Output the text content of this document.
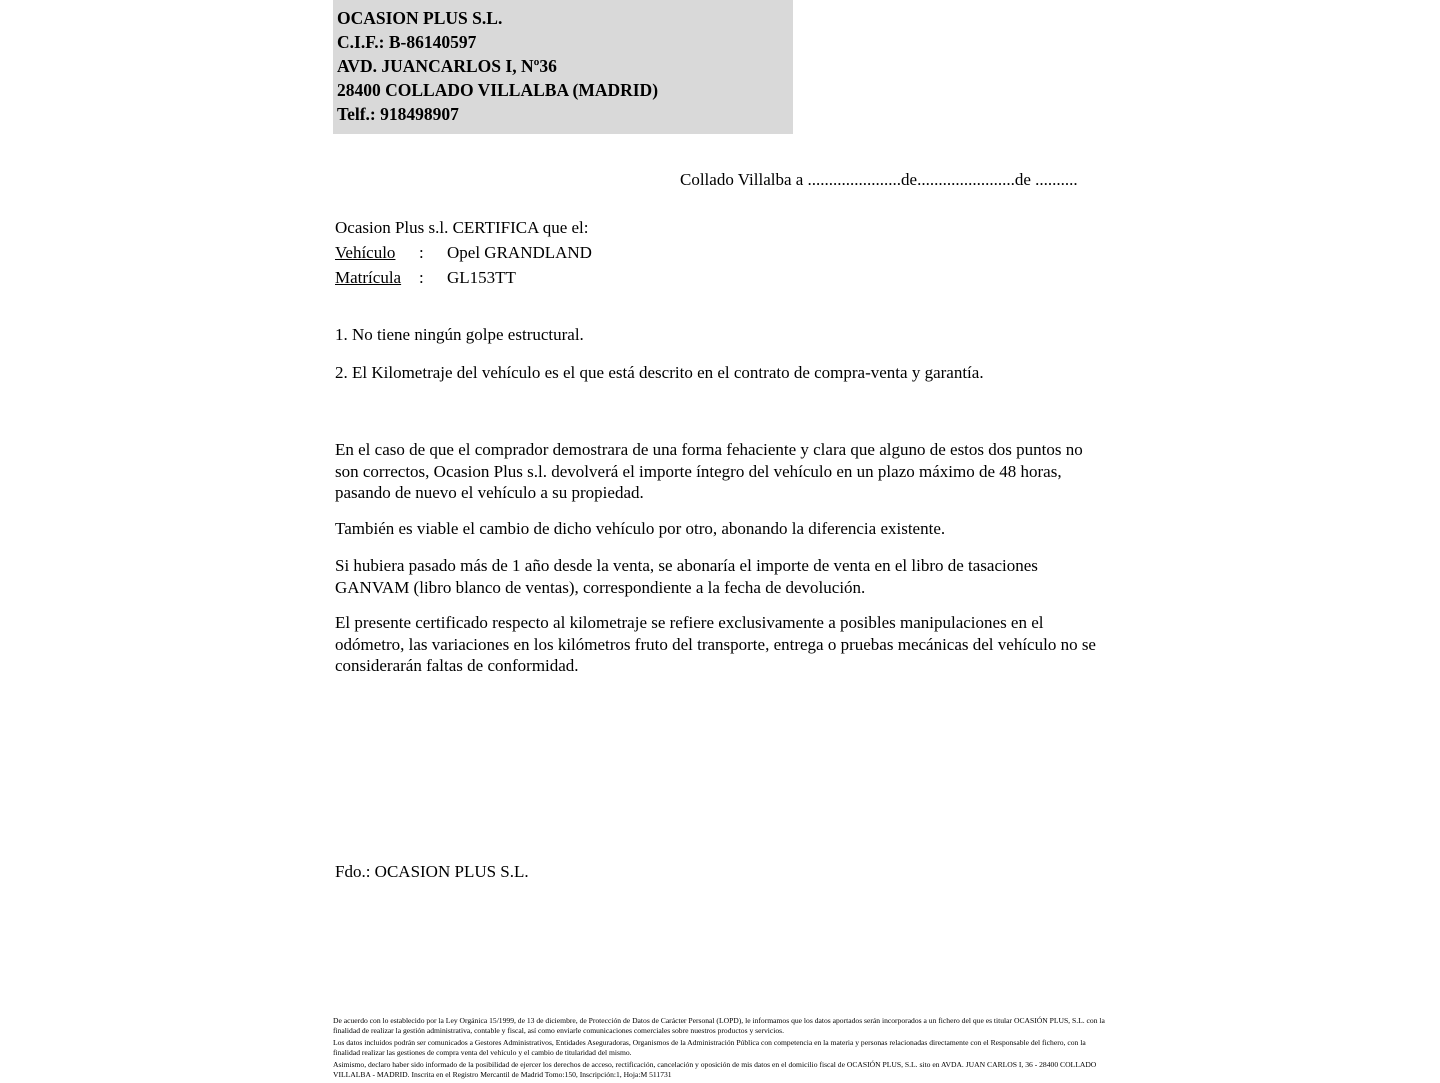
OCASION PLUS S.L.
C.I.F.: B-86140597
AVD. JUANCARLOS I, Nº36
28400 COLLADO VILLALBA (MADRID)
Telf.: 918498907
Collado Villalba a ......................de.......................de ..........
Ocasion Plus s.l. CERTIFICA que el:
Vehículo	:	Opel GRANDLAND
Matrícula	:	GL153TT
1. No tiene ningún golpe estructural.
2. El Kilometraje del vehículo es el que está descrito en el contrato de compra-venta y garantía.
En el caso de que el comprador demostrara de una forma fehaciente y clara que alguno de estos dos puntos no son correctos, Ocasion Plus s.l. devolverá el importe íntegro del vehículo en un plazo máximo de 48 horas, pasando de nuevo el vehículo a su propiedad.
También es viable el cambio de dicho vehículo por otro, abonando la diferencia existente.
Si hubiera pasado más de 1 año desde la venta, se abonaría el importe de venta en el libro de tasaciones GANVAM (libro blanco de ventas), correspondiente a la fecha de devolución.
El presente certificado respecto al kilometraje se refiere exclusivamente a posibles manipulaciones en el odómetro, las variaciones en los kilómetros fruto del transporte, entrega o pruebas mecánicas del vehículo no se considerarán faltas de conformidad.
Fdo.: OCASION PLUS S.L.

De acuerdo con lo establecido por la Ley Orgánica 15/1999, de 13 de diciembre, de Protección de Datos de Carácter Personal (LOPD), le informamos que los datos aportados serán incorporados a un fichero del que es titular OCASIÓN PLUS, S.L. con la finalidad de realizar la gestión administrativa, contable y fiscal, así como enviarle comunicaciones comerciales sobre nuestros productos y servicios.

Los datos incluidos podrán ser comunicados a Gestores Administrativos, Entidades Aseguradoras, Organismos de la Administración Pública con competencia en la materia y personas relacionadas directamente con el Responsable del fichero, con la finalidad realizar las gestiones de compra venta del vehículo y el cambio de titularidad del mismo.

Asimismo, declaro haber sido informado de la posibilidad de ejercer los derechos de acceso, rectificación, cancelación y oposición de mis datos en el domicilio fiscal de OCASIÓN PLUS, S.L. sito en AVDA. JUAN CARLOS I, 36 - 28400 COLLADO VILLALBA - MADRID. Inscrita en el Registro Mercantil de Madrid Tomo:150, Inscripción:1, Hoja:M 511731
